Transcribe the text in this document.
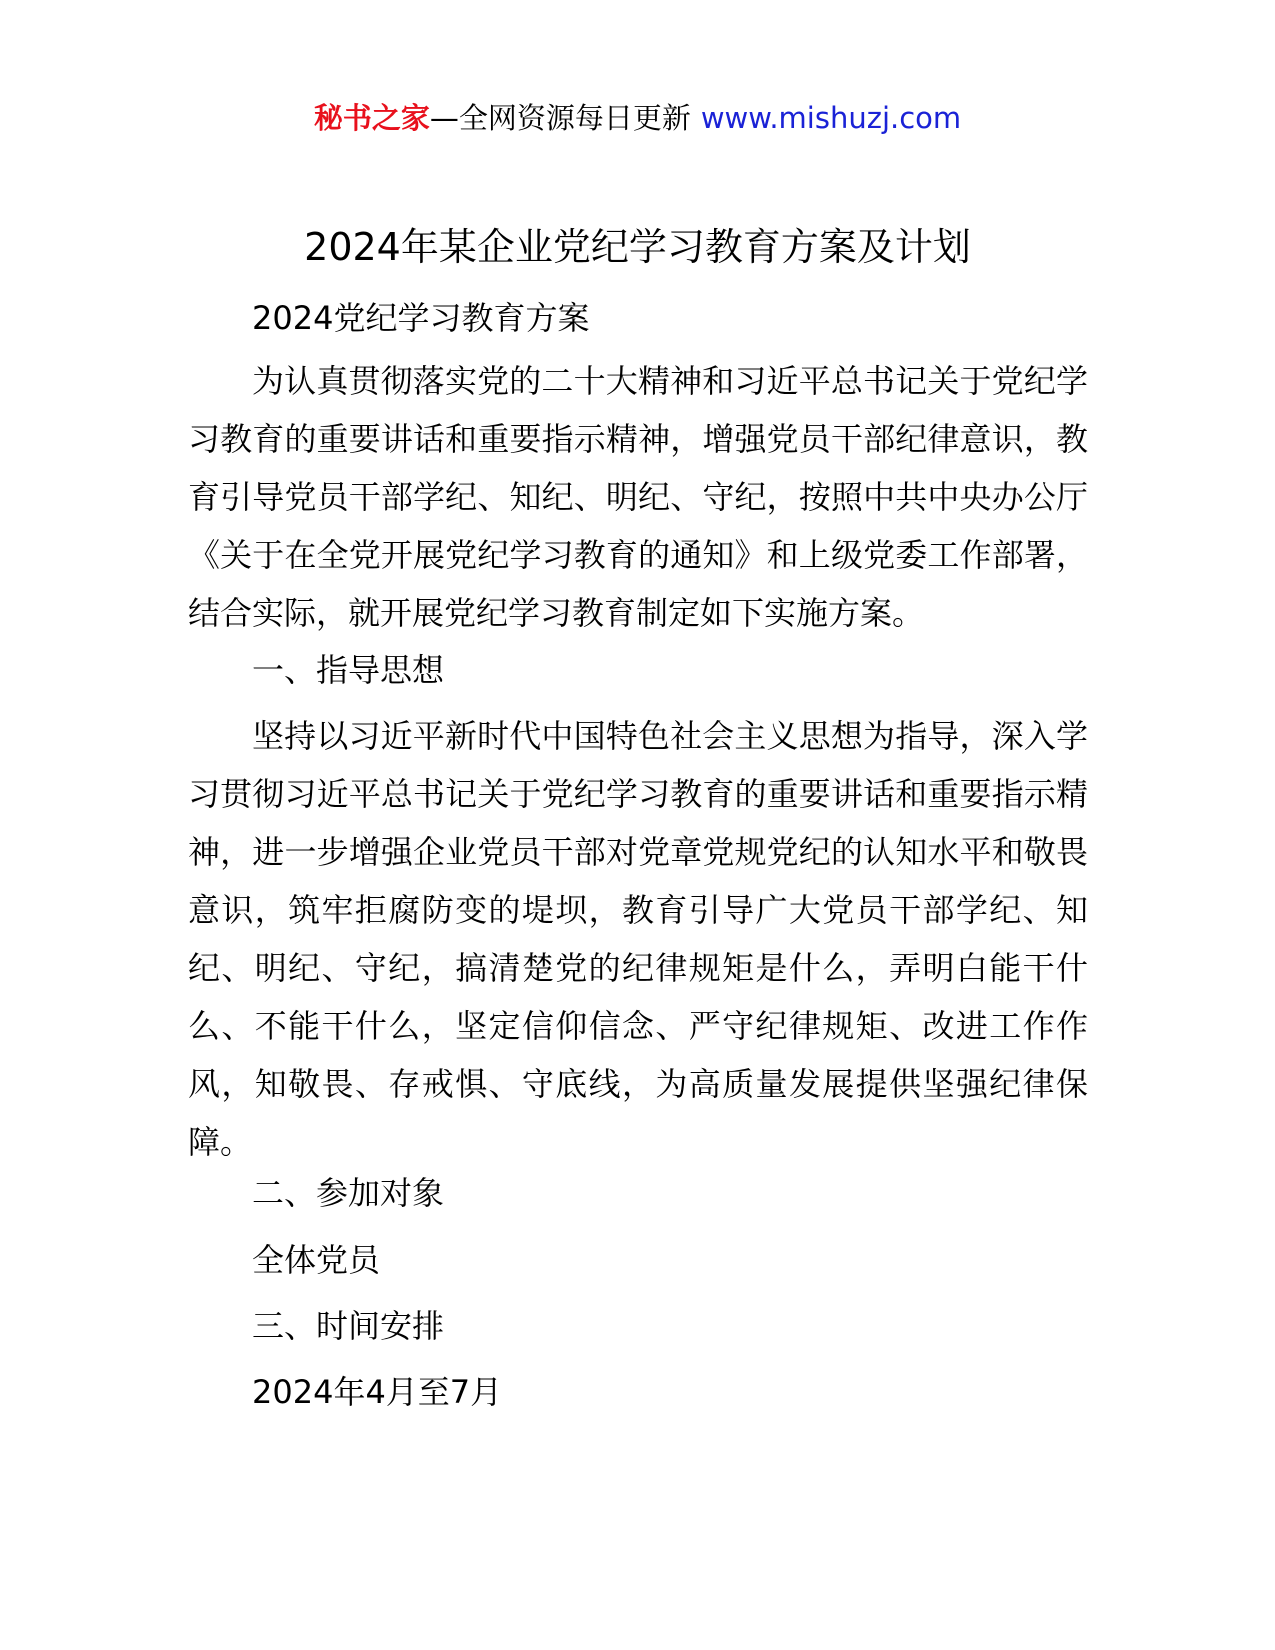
秘书之家—全网资源每日更新 www.mishuzj.com
2024年某企业党纪学习教育方案及计划

2024党纪学习教育方案

为认真贯彻落实党的二十大精神和习近平总书记关于党纪学习教育的重要讲话和重要指示精神，增强党员干部纪律意识，教育引导党员干部学纪、知纪、明纪、守纪，按照中共中央办公厅《关于在全党开展党纪学习教育的通知》和上级党委工作部署，结合实际，就开展党纪学习教育制定如下实施方案。

一、指导思想

坚持以习近平新时代中国特色社会主义思想为指导，深入学习贯彻习近平总书记关于党纪学习教育的重要讲话和重要指示精神，进一步增强企业党员干部对党章党规党纪的认知水平和敬畏意识，筑牢拒腐防变的堤坝，教育引导广大党员干部学纪、知纪、明纪、守纪，搞清楚党的纪律规矩是什么，弄明白能干什么、不能干什么，坚定信仰信念、严守纪律规矩、改进工作作风，知敬畏、存戒惧、守底线，为高质量发展提供坚强纪律保障。

二、参加对象

全体党员

三、时间安排

2024年4月至7月
